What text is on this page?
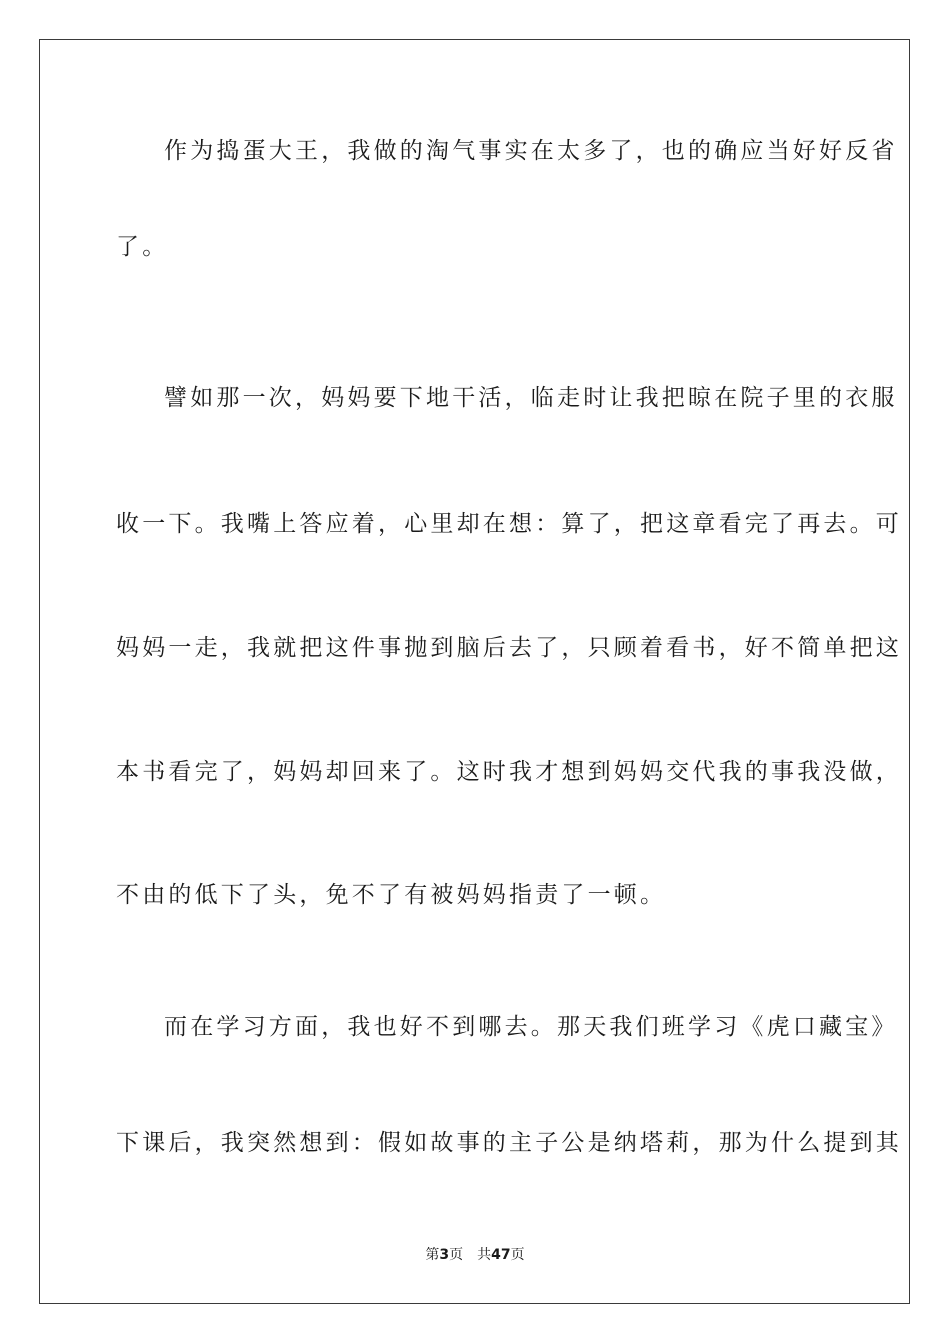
作为捣蛋大王，我做的淘气事实在太多了，也的确应当好好反省
了。
譬如那一次，妈妈要下地干活，临走时让我把晾在院子里的衣服
收一下。我嘴上答应着，心里却在想：算了，把这章看完了再去。可
妈妈一走，我就把这件事抛到脑后去了，只顾着看书，好不简单把这
本书看完了，妈妈却回来了。这时我才想到妈妈交代我的事我没做，
不由的低下了头，免不了有被妈妈指责了一顿。
而在学习方面，我也好不到哪去。那天我们班学习《虎口藏宝》
下课后，我突然想到：假如故事的主子公是纳塔莉，那为什么提到其
第3页 共47页
